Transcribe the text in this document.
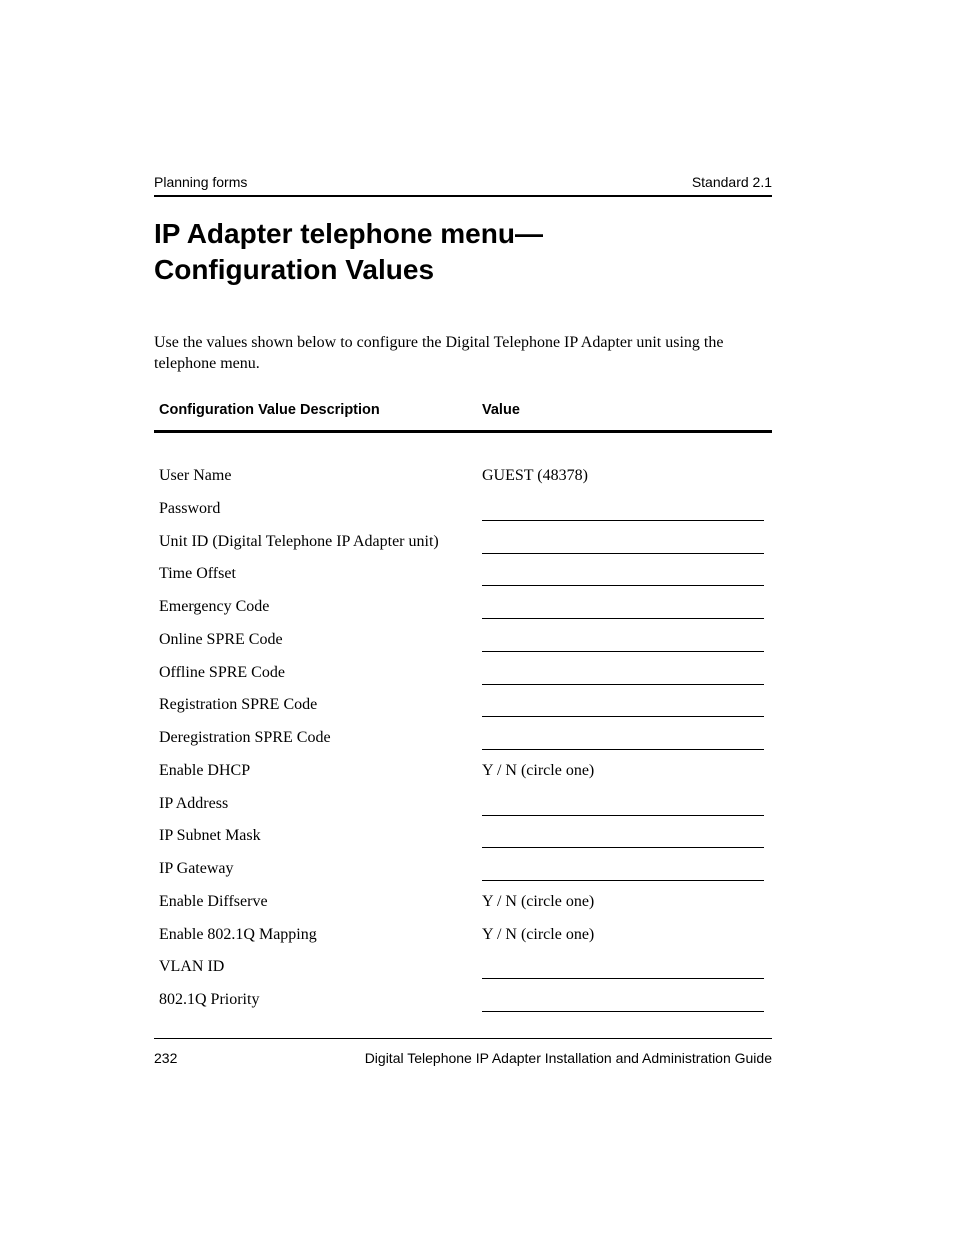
Planning forms	Standard 2.1
IP Adapter telephone menu—
Configuration Values

Use the values shown below to configure the Digital Telephone IP Adapter unit using the telephone menu.

Configuration Value Description	Value
User Name	GUEST (48378)
Password
Unit ID (Digital Telephone IP Adapter unit)
Time Offset
Emergency Code
Online SPRE Code
Offline SPRE Code
Registration SPRE Code
Deregistration SPRE Code
Enable DHCP	Y / N (circle one)
IP Address
IP Subnet Mask
IP Gateway
Enable Diffserve	Y / N (circle one)
Enable 802.1Q Mapping	Y / N (circle one)
VLAN ID
802.1Q Priority
232	Digital Telephone IP Adapter Installation and Administration Guide
